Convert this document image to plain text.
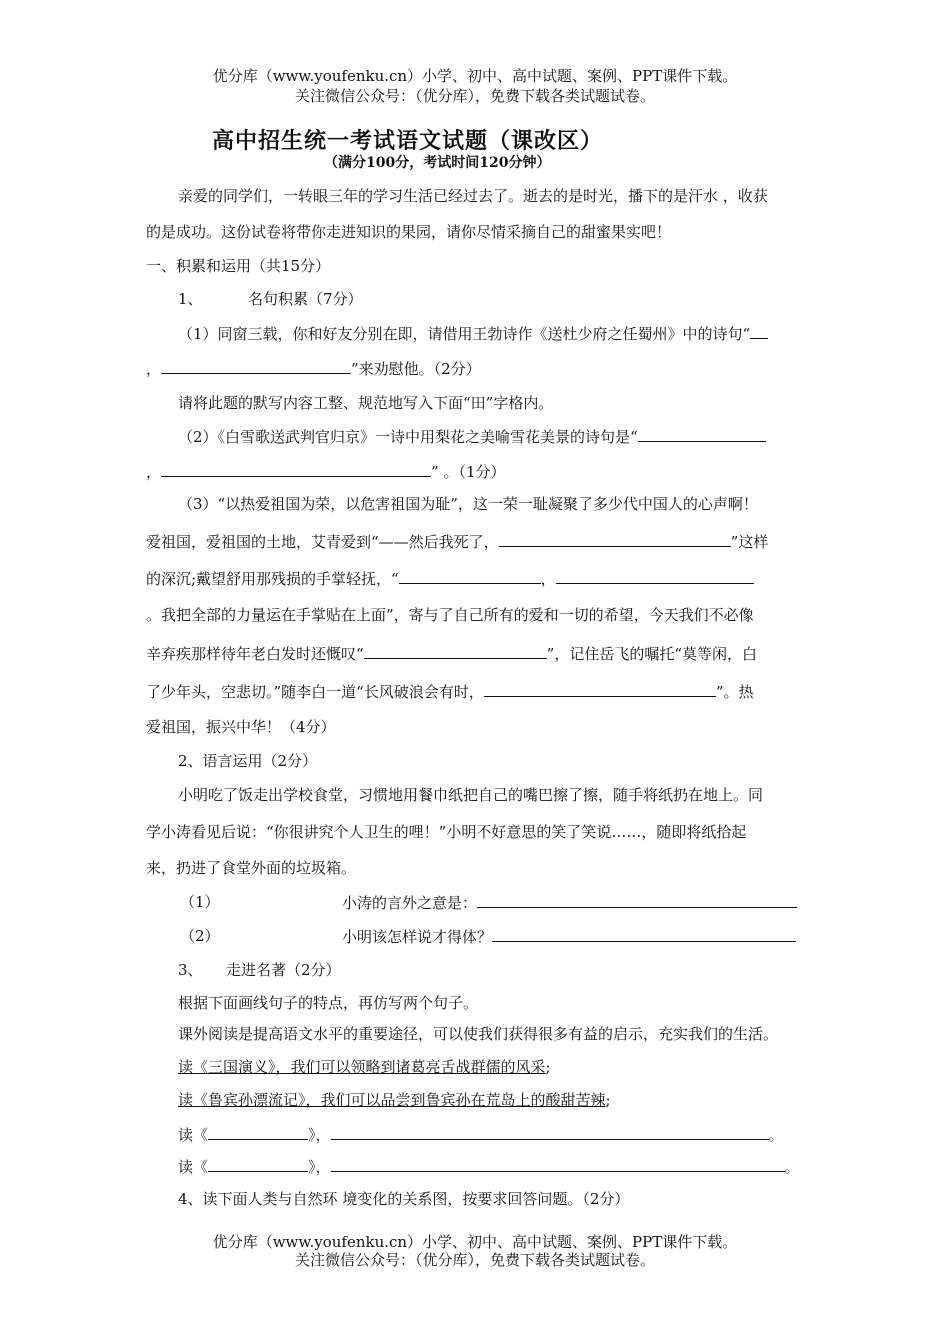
优分库（www.youfenku.cn）小学、初中、高中试题、案例、PPT课件下载。
关注微信公众号：（优分库），免费下载各类试题试卷。
高中招生统一考试语文试题（课改区）
（满分100分，考试时间120分钟）
亲爱的同学们，一转眼三年的学习生活已经过去了。逝去的是时光，播下的是汗水 ，收获
的是成功。这份试卷将带你走进知识的果园，请你尽情采摘自己的甜蜜果实吧！
一、积累和运用（共15分）
1、	名句积累（7分）
（1）同窗三载，你和好友分别在即，请借用王勃诗作《送杜少府之任蜀州》中的诗句“
，	”来劝慰他。（2分）
请将此题的默写内容工整、规范地写入下面“田”字格内。
（2）《白雪歌送武判官归京》一诗中用梨花之美喻雪花美景的诗句是“
，	” 。（1分）
（3）“以热爱祖国为荣，以危害祖国为耻”，这一荣一耻凝聚了多少代中国人的心声啊！
爱祖国，爱祖国的土地，艾青爱到“——然后我死了，	”这样
的深沉;戴望舒用那残损的手掌轻抚，“	，
。我把全部的力量运在手掌贴在上面”，寄与了自己所有的爱和一切的希望，今天我们不必像
辛弃疾那样待年老白发时还慨叹“	”，记住岳飞的嘱托“莫等闲，白
了少年头，空悲切。”随李白一道“长风破浪会有时，	”。热
爱祖国，振兴中华！（4分）
2、语言运用（2分）
小明吃了饭走出学校食堂，习惯地用餐巾纸把自己的嘴巴擦了擦，随手将纸扔在地上。同
学小涛看见后说：“你很讲究个人卫生的哩！”小明不好意思的笑了笑说……，随即将纸拾起
来，扔进了食堂外面的垃圾箱。
（1）	小涛的言外之意是：
（2）	小明该怎样说才得体？
3、 走进名著（2分）
根据下面画线句子的特点，再仿写两个句子。
课外阅读是提高语文水平的重要途径，可以使我们获得很多有益的启示，充实我们的生活。
读《三国演义》，我们可以领略到诸葛亮舌战群儒的风采;
读《鲁宾孙漂流记》，我们可以品尝到鲁宾孙在荒岛上的酸甜苦辣;
读《	》，	。
读《	》，	。
4、读下面人类与自然环 境变化的关系图，按要求回答问题。（2分）
优分库（www.youfenku.cn）小学、初中、高中试题、案例、PPT课件下载。
关注微信公众号：（优分库），免费下载各类试题试卷。
